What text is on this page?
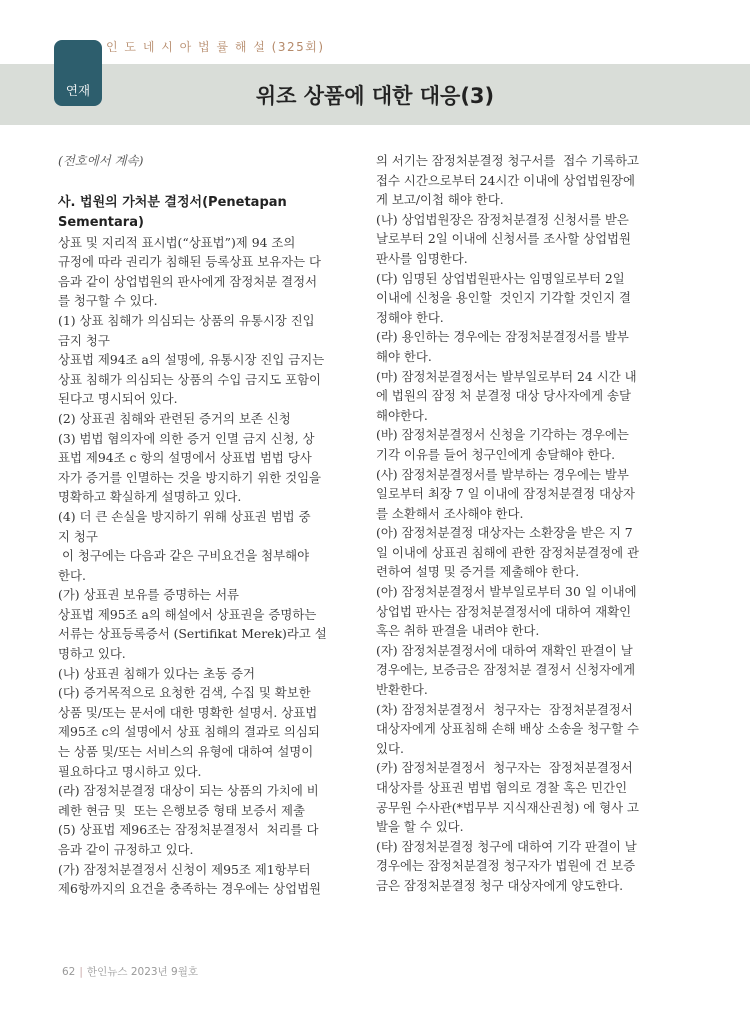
인 도 네 시 아 법 률 해 설 (325회)
연재	위조 상품에 대한 대응(3)

(전호에서 계속)

사. 법원의 가처분 결정서(Penetapan

Sementara)

상표 및 지리적 표시법(“상표법”)제 94 조의

규정에 따라 권리가 침해된 등록상표 보유자는 다

음과 같이 상업법원의 판사에게 잠정처분 결정서

를 청구할 수 있다.

(1) 상표 침해가 의심되는 상품의 유통시장 진입

금지 청구

상표법 제94조 a의 설명에, 유통시장 진입 금지는

상표 침해가 의심되는 상품의 수입 금지도 포함이

된다고 명시되어 있다.

(2) 상표권 침해와 관련된 증거의 보존 신청

(3) 범법 혐의자에 의한 증거 인멸 금지 신청, 상

표법 제94조 c 항의 설명에서 상표법 범법 당사

자가 증거를 인멸하는 것을 방지하기 위한 것임을

명확하고 확실하게 설명하고 있다.

(4) 더 큰 손실을 방지하기 위해 상표권 범법 중

지 청구

이 청구에는 다음과 같은 구비요건을 첨부해야

한다.

(가) 상표권 보유를 증명하는 서류

상표법 제95조 a의 해설에서 상표권을 증명하는

서류는 상표등록증서 (Sertifikat Merek)라고 설

명하고 있다.

(나) 상표권 침해가 있다는 초동 증거

(다) 증거목적으로 요청한 검색, 수집 및 확보한

상품 및/또는 문서에 대한 명확한 설명서. 상표법

제95조 c의 설명에서 상표 침해의 결과로 의심되

는 상품 및/또는 서비스의 유형에 대하여 설명이

필요하다고 명시하고 있다.

(라) 잠정처분결정 대상이 되는 상품의 가치에 비

례한 현금 및  또는 은행보증 형태 보증서 제출

(5) 상표법 제96조는 잠정처분결정서  처리를 다

음과 같이 규정하고 있다.

(가) 잠정처분결정서 신청이 제95조 제1항부터

제6항까지의 요건을 충족하는 경우에는 상업법원

의 서기는 잠정처분결정 청구서를  접수 기록하고

접수 시간으로부터 24시간 이내에 상업법원장에

게 보고/이첩 해야 한다.

(나) 상업법원장은 잠정처분결정 신청서를 받은

날로부터 2일 이내에 신청서를 조사할 상업법원

판사를 임명한다.

(다) 임명된 상업법원판사는 임명일로부터 2일

이내에 신청을 용인할  것인지 기각할 것인지 결

정해야 한다.

(라) 용인하는 경우에는 잠정처분결정서를 발부

해야 한다.

(마) 잠정처분결정서는 발부일로부터 24 시간 내

에 법원의 잠정 처 분결정 대상 당사자에게 송달

해야한다.

(바) 잠정처분결정서 신청을 기각하는 경우에는

기각 이유를 들어 청구인에게 송달해야 한다.

(사) 잠정처분결정서를 발부하는 경우에는 발부

일로부터 최장 7 일 이내에 잠정처분결정 대상자

를 소환해서 조사해야 한다.

(아) 잠정처분결정 대상자는 소환장을 받은 지 7

일 이내에 상표권 침해에 관한 잠정처분결정에 관

련하여 설명 및 증거를 제출해야 한다.

(아) 잠정처분결정서 발부일로부터 30 일 이내에

상업법 판사는 잠정처분결정서에 대하여 재확인

혹은 취하 판결을 내려야 한다.

(자) 잠정처분결정서에 대하여 재확인 판결이 날

경우에는, 보증금은 잠정처분 결정서 신청자에게

반환한다.

(차) 잠정처분결정서  청구자는  잠정처분결정서

대상자에게 상표침해 손해 배상 소송을 청구할 수

있다.

(카) 잠정처분결정서  청구자는  잠정처분결정서

대상자를 상표권 범법 혐의로 경찰 혹은 민간인

공무원 수사관(*법무부 지식재산권청) 에 형사 고

발을 할 수 있다.

(타) 잠정처분결정 청구에 대하여 기각 판결이 날

경우에는 잠정처분결정 청구자가 법원에 건 보증

금은 잠정처분결정 청구 대상자에게 양도한다.

62 | 한인뉴스 2023년 9월호
